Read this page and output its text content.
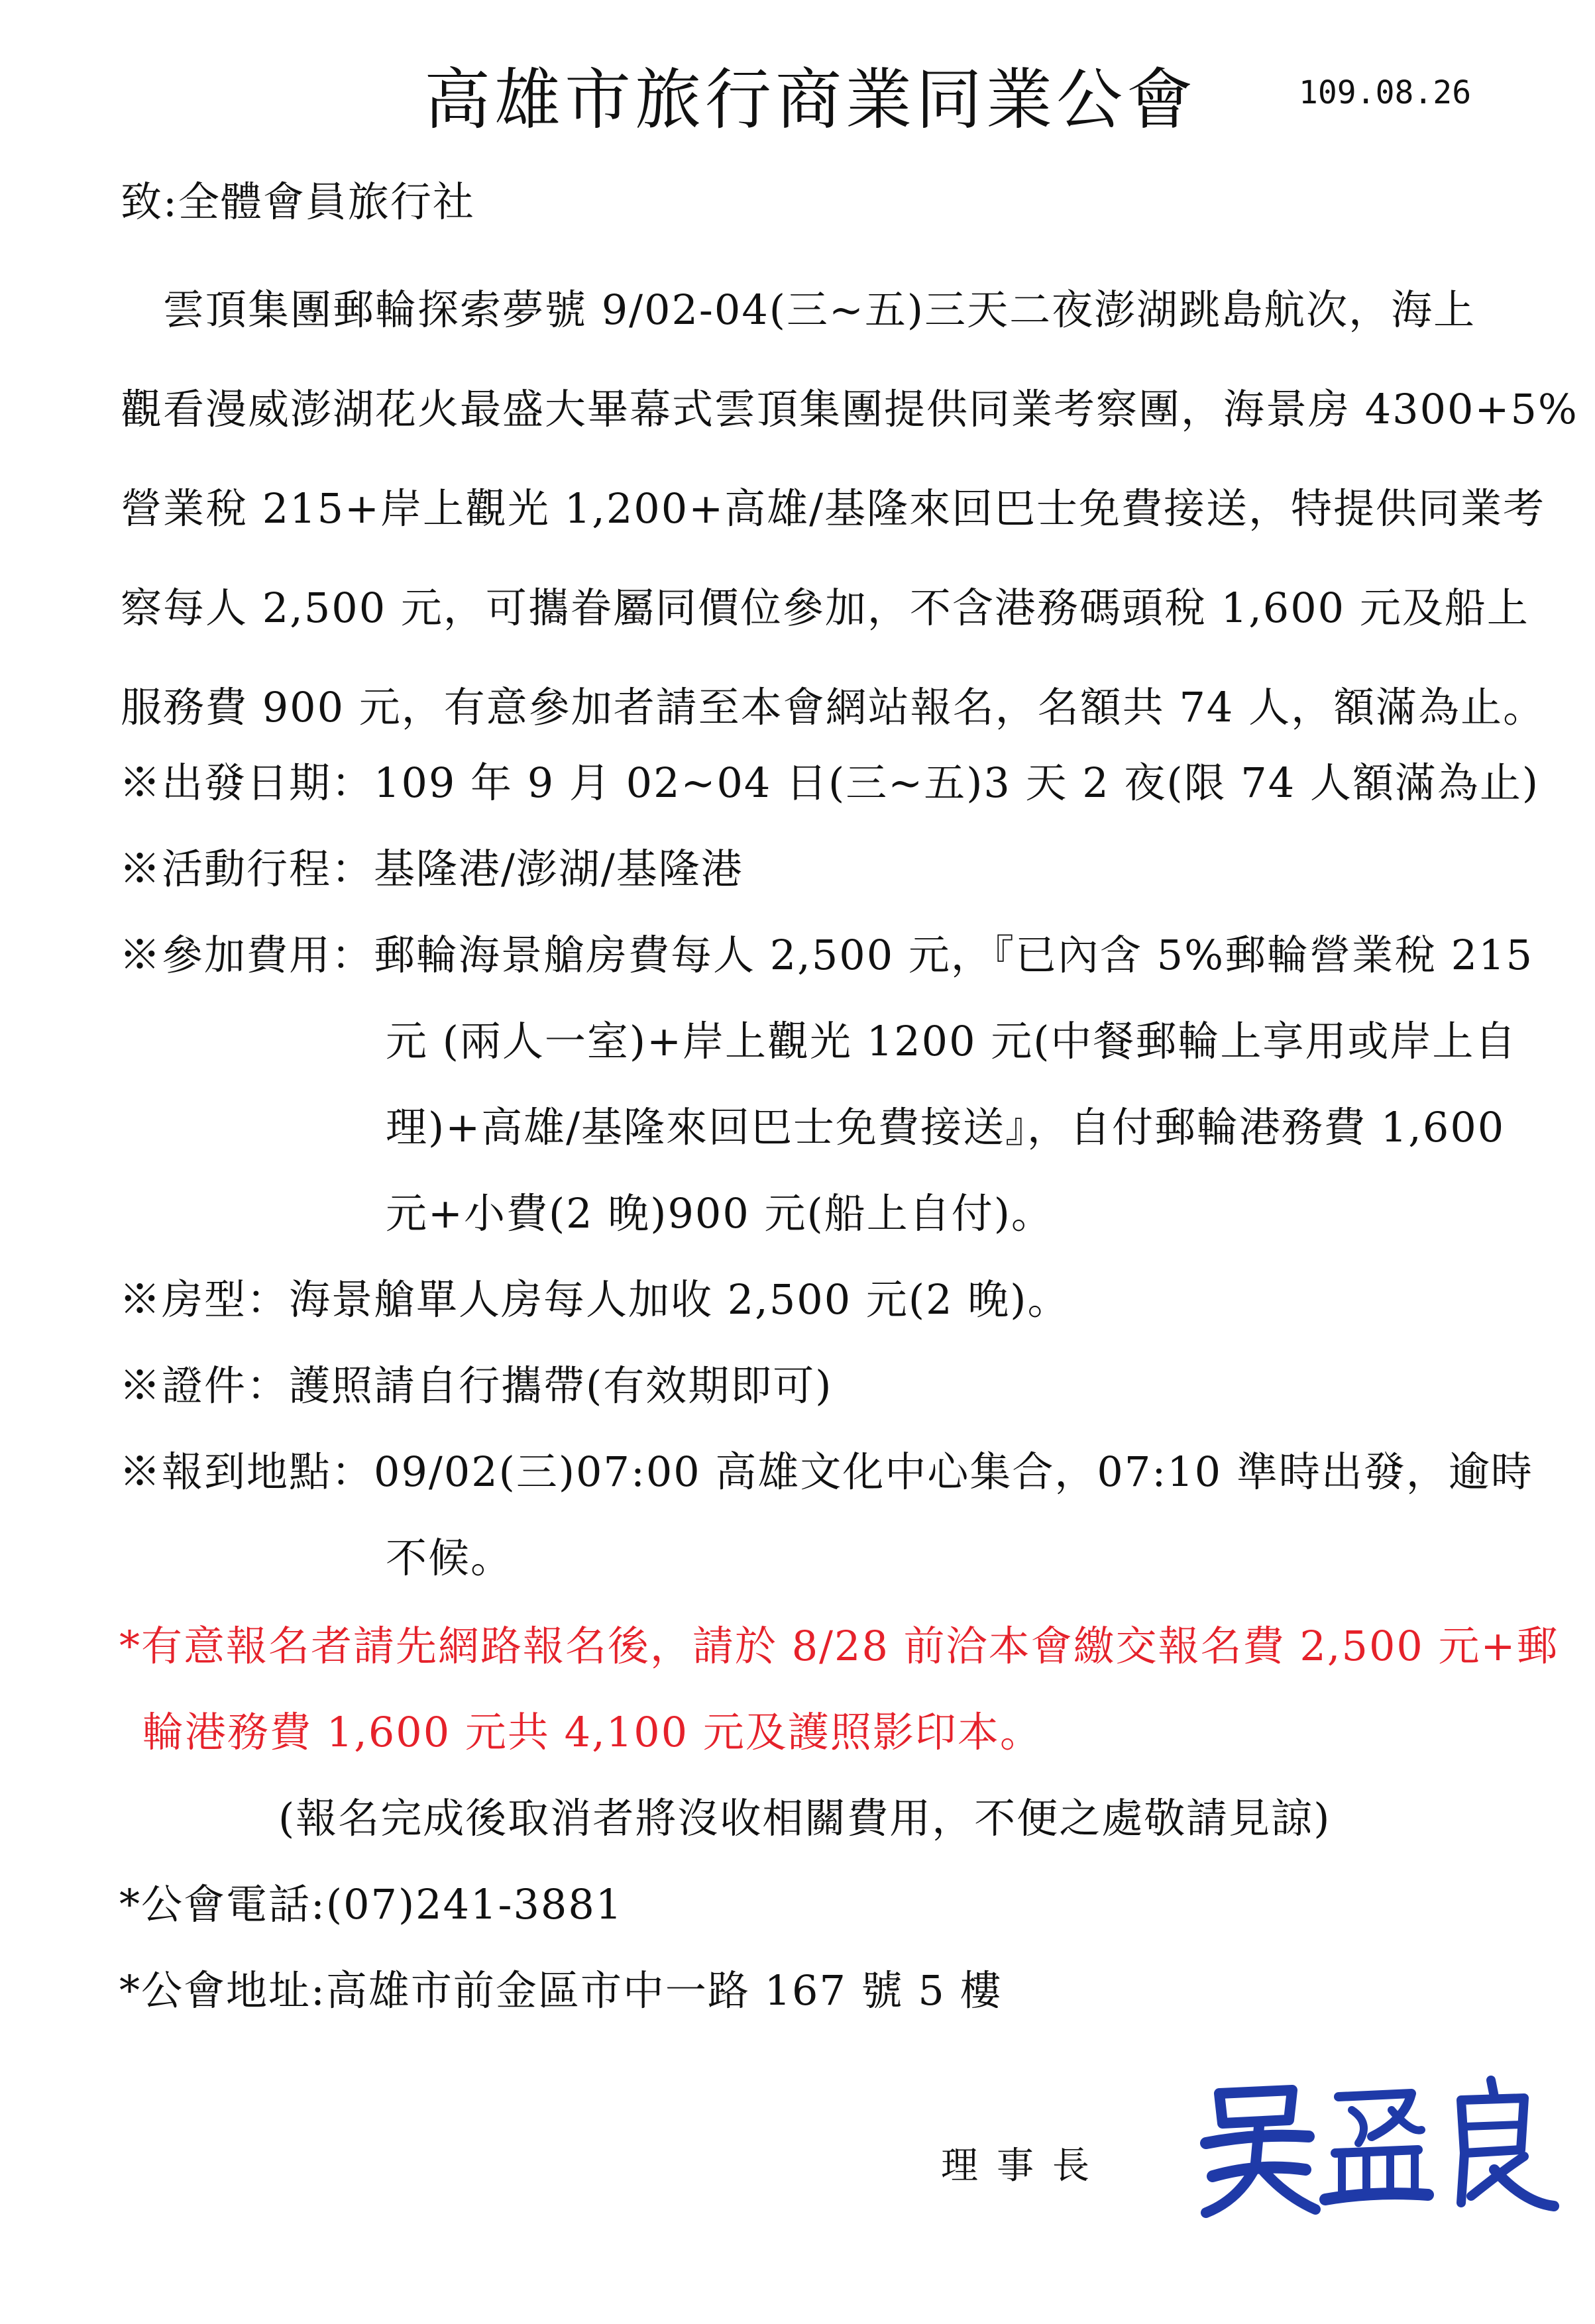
高雄市旅行商業同業公會	109.08.26
致:全體會員旅行社
　雲頂集團郵輪探索夢號 9/02-04(三~五)三天二夜澎湖跳島航次，海上
觀看漫威澎湖花火最盛大畢幕式雲頂集團提供同業考察團，海景房 4300+5%
營業稅 215+岸上觀光 1,200+高雄/基隆來回巴士免費接送，特提供同業考
察每人 2,500 元，可攜眷屬同價位參加，不含港務碼頭稅 1,600 元及船上
服務費 900 元，有意參加者請至本會網站報名，名額共 74 人，額滿為止。
※出發日期：109 年 9 月 02~04 日(三~五)3 天 2 夜(限 74 人額滿為止)
※活動行程：基隆港/澎湖/基隆港
※參加費用：郵輪海景艙房費每人 2,500 元，『已內含 5%郵輪營業稅 215
元 (兩人一室)+岸上觀光 1200 元(中餐郵輪上享用或岸上自
理)+高雄/基隆來回巴士免費接送』，自付郵輪港務費 1,600
元+小費(2 晚)900 元(船上自付)。
※房型：海景艙單人房每人加收 2,500 元(2 晚)。
※證件：護照請自行攜帶(有效期即可)
※報到地點：09/02(三)07:00 高雄文化中心集合，07:10 準時出發，逾時
不候。
*有意報名者請先網路報名後，請於 8/28 前洽本會繳交報名費 2,500 元+郵
輪港務費 1,600 元共 4,100 元及護照影印本。
(報名完成後取消者將沒收相關費用，不便之處敬請見諒)
*公會電話:(07)241-3881
*公會地址:高雄市前金區市中一路 167 號 5 樓
理事長
